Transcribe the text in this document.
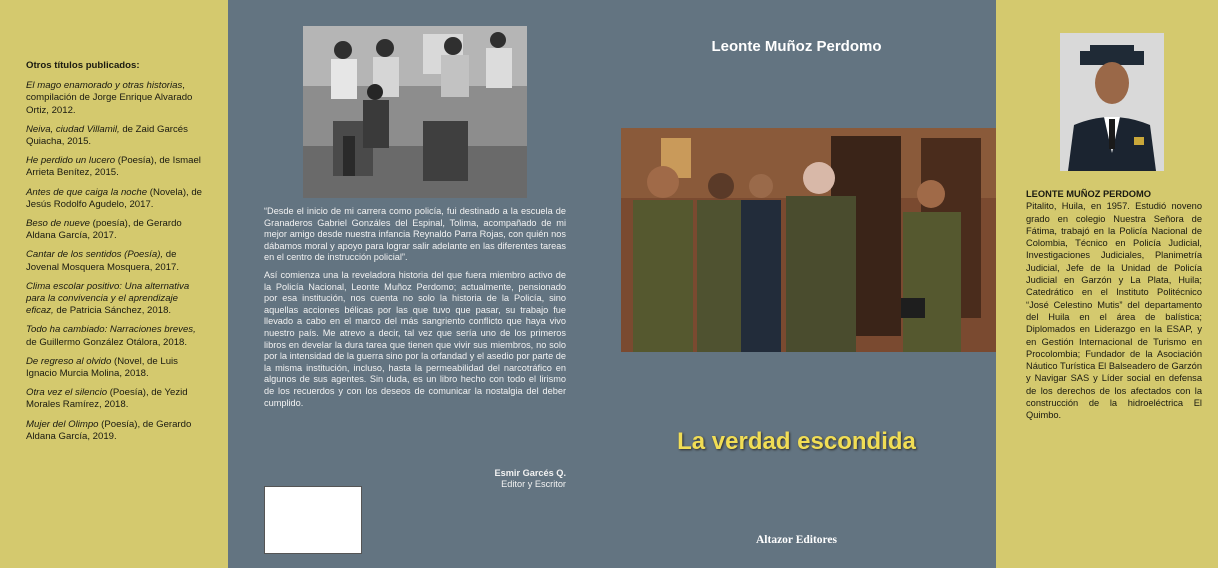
Otros títulos publicados:
El mago enamorado y otras historias, compilación de Jorge Enrique Alvarado Ortiz, 2012.
Neiva, ciudad Villamil, de Zaid Garcés Quiacha, 2015.
He perdido un lucero (Poesía), de Ismael Arrieta Benítez, 2015.
Antes de que caiga la noche (Novela), de Jesús Rodolfo Agudelo, 2017.
Beso de nueve (poesía), de Gerardo Aldana García, 2017.
Cantar de los sentidos (Poesía), de Jovenal Mosquera Mosquera, 2017.
Clima escolar positivo: Una alternativa para la convivencia y el aprendizaje eficaz, de Patricia Sánchez, 2018.
Todo ha cambiado: Narraciones breves, de Guillermo González Otálora, 2018.
De regreso al olvido (Novel, de Luis Ignacio Murcia Molina, 2018.
Otra vez el silencio (Poesía), de Yezid Morales Ramírez, 2018.
Mujer del Olimpo (Poesía), de Gerardo Aldana García, 2019.

“Desde el inicio de mi carrera como policía, fui destinado a la escuela de Granaderos Gabriel Gonzáles del Espinal, Tolima, acompañado de mi mejor amigo desde nuestra infancia Reynaldo Parra Rojas, con quién nos dábamos moral y apoyo para lograr salir adelante en las diferentes tareas en el centro de instrucción policial”.

Así comienza una la reveladora historia del que fuera miembro activo de la Policía Nacional, Leonte Muñoz Perdomo; actualmente, pensionado por esa institución, nos cuenta no solo la historia de la Policía, sino aquellas acciones bélicas por las que tuvo que pasar, su trabajo fue llevado a cabo en el marco del más sangriento conflicto que haya vivo nuestro país. Me atrevo a decir, tal vez que sería uno de los primeros libros en develar la dura tarea que tienen que vivir sus miembros, no solo por la intensidad de la guerra sino por la orfandad y el asedio por parte de la misma institución, incluso, hasta la permeabilidad del narcotráfico en algunos de sus agentes. Sin duda, es un libro hecho con todo el lirismo de los recuerdos y con los deseos de comunicar la nostalgia del deber cumplido.

Esmir Garcés Q.
Editor y Escritor
Leonte Muñoz Perdomo
La verdad escondida
Altazor Editores
LEONTE MUÑOZ PERDOMO
Pitalito, Huila, en 1957. Estudió noveno grado en colegio Nuestra Señora de Fátima, trabajó en la Policía Nacional de Colombia, Técnico en Policía Judicial, Investigaciones Judiciales, Planimetría Judicial, Jefe de la Unidad de Policía Judicial en Garzón y La Plata, Huila; Catedrático en el Instituto Politécnico “José Celestino Mutis” del departamento del Huila en el área de balística; Diplomados en Liderazgo en la ESAP, y en Gestión Internacional de Turismo en Procolombia; Fundador de la Asociación Náutico Turística El Balseadero de Garzón y Navigar SAS y Líder social en defensa de los derechos de los afectados con la construcción de la hidroeléctrica El Quimbo.
